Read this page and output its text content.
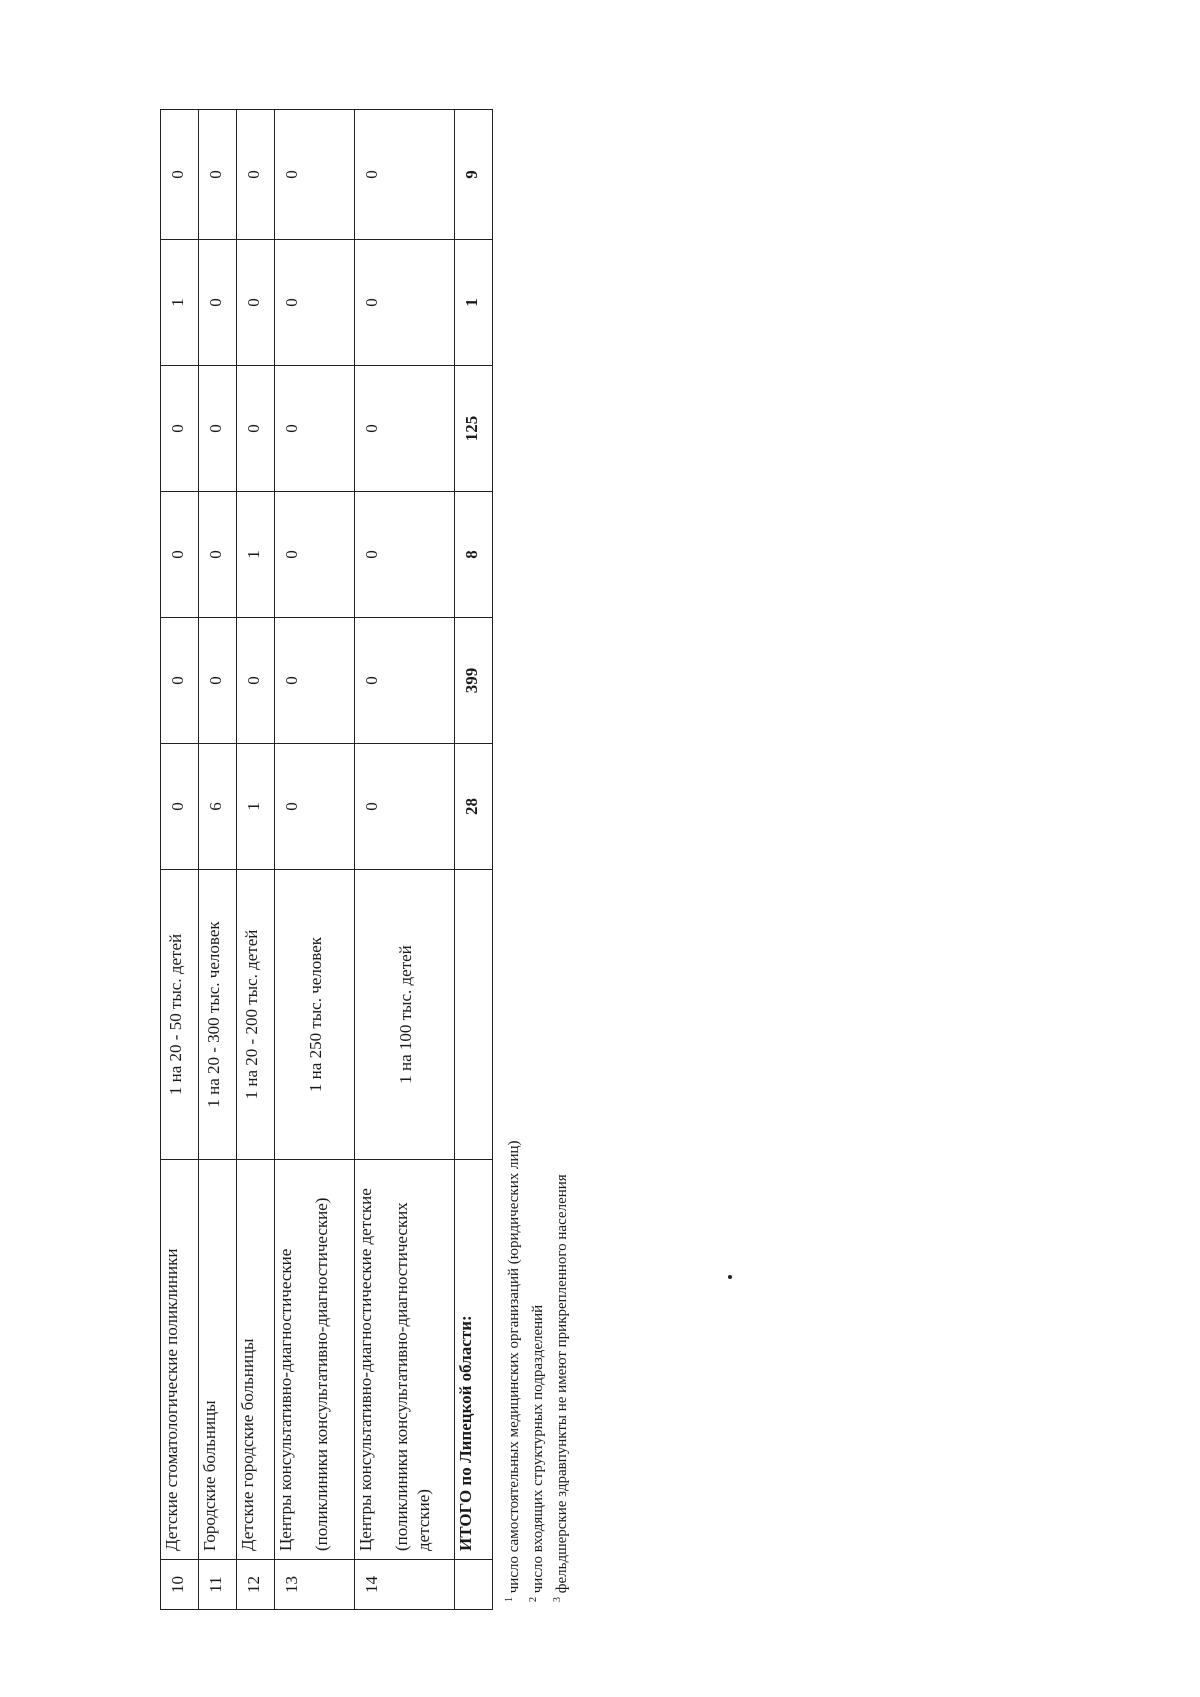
10	Детские стоматологические поликлиники	1 на 20 - 50 тыс. детей	0	0	0	0	1	0
11	Городские больницы	1 на 20 - 300 тыс. человек	6	0	0	0	0	0
12	Детские городские больницы	1 на 20 - 200 тыс. детей	1	0	1	0	0	0
13	Центры консультативно-диагностические (поликлиники консультативно-диагностические)	1 на 250 тыс. человек	0	0	0	0	0	0
14	Центры консультативно-диагностические детские (поликлиники консультативно-диагностических детские)	1 на 100 тыс. детей	0	0	0	0	0	0

	ИТОГО по Липецкой области:		28	399	8	125	1	9
$^1$ число самостоятельных медицинских организаций (юридических лиц)
$^2$ число входящих структурных подразделений
$^3$ фельдшерские здравпункты не имеют прикрепленного населения
